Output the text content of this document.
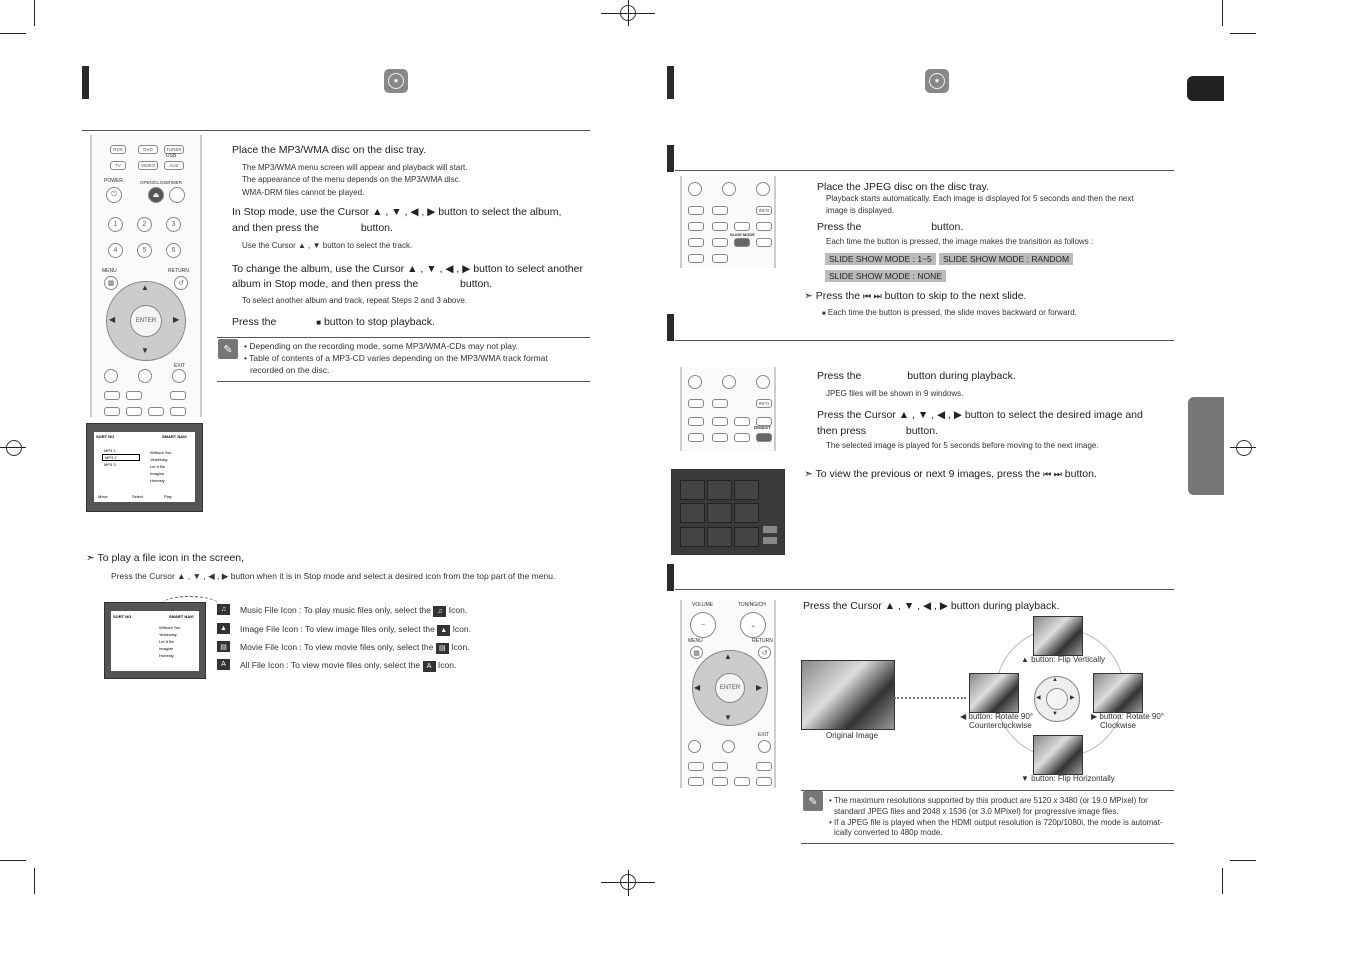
◉
RDS	DVD	TUNER
TV	VIDEO
USB
AUX
POWER
⏻
OPEN/CLOSE
⏏
TIMER
1	2	3
4	5	6
MENU
▦
RETURN
↺
ENTER
▲
▼
◀	▶
EXIT
SORT NO	SMART NAVI
MP3 1
MP3 2
MP3 3
Without You
Yesterday
Let It Be
Imagine
Honesty
Move	Select	Play
Place the MP3/WMA disc on the disc tray.
The MP3/WMA menu screen will appear and playback will start.
The appearance of the menu depends on the MP3/WMA disc.
WMA-DRM files cannot be played.
In Stop mode, use the Cursor ▲ , ▼ , ◀ , ▶ button to select the album,
and then press the	button.
Use the Cursor ▲ , ▼ button to select the track.
To change the album, use the Cursor ▲ , ▼ , ◀ , ▶ button to select another
album in Stop mode, and then press the	button.
To select another album and track, repeat Steps 2 and 3 above.
Press the	■ button to stop playback.
✎	• Depending on the recording mode, some MP3/WMA-CDs may not play.
• Table of contents of a MP3-CD varies depending on the MP3/WMA track format
recorded on the disc.
➣ To play a file icon in the screen,
Press the Cursor ▲ , ▼ , ◀ , ▶ button when it is in Stop mode and select a desired icon from the top part of the menu.
SORT NO	SMART NAVI
Without You
Yesterday
Let It Be
Imagine
Honesty
♫	Music File Icon : To play music files only, select the ♫ Icon.
▲	Image File Icon : To view image files only, select the ▲ Icon.
▤	Movie File Icon : To view movie files only, select the ▤ Icon.
A	All File Icon : To view movie files only, select the A Icon.
◉
INFO
SLIDE MODE
Place the JPEG disc on the disc tray.
Playback starts automatically. Each image is displayed for 5 seconds and then the next
image is displayed.
Press the	button.
Each time the button is pressed, the image makes the transition as follows :
SLIDE SHOW MODE : 1~5	SLIDE SHOW MODE : RANDOM
SLIDE SHOW MODE : NONE
➣ Press the ⏮ ⏭ button to skip to the next slide.
■ Each time the button is pressed, the slide moves backward or forward.
INFO
DIGEST
Press the	button during playback.
JPEG files will be shown in 9 windows.
Press the Cursor ▲ , ▼ , ◀ , ▶ button to select the desired image and
then press	button.
The selected image is played for 5 seconds before moving to the next image.
➣ To view the previous or next 9 images, press the ⏮ ⏭ button.
VOLUME	TUNING/CH
−	⌄
MENU	RETURN
▦	↺
ENTER
▲
▼
◀	▶
EXIT
Press the Cursor ▲ , ▼ , ◀ , ▶ button during playback.
Original Image
▲ button: Flip Vertically
◀ button: Rotate 90°
Counterclockwise
▶ button: Rotate 90°
Clockwise
▼ button: Flip Horizontally
▲
▼
◀	▶
✎	• The maximum resolutions supported by this product are 5120 x 3480 (or 19.0 MPixel) for
standard JPEG files and 2048 x 1536 (or 3.0 MPixel) for progressive image files.
• If a JPEG file is played when the HDMI output resolution is 720p/1080i, the mode is automat-
ically converted to 480p mode.
